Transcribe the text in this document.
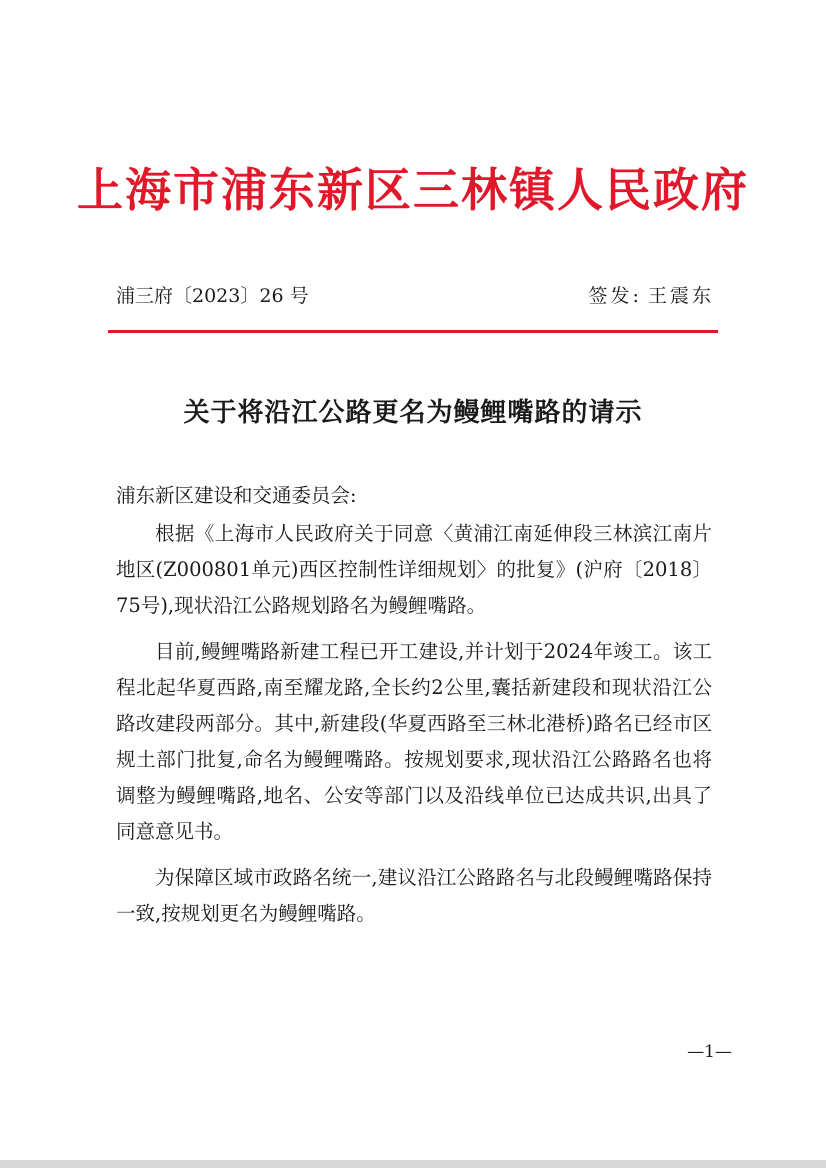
上海市浦东新区三林镇人民政府
浦三府〔2023〕26 号	签发: 王震东
关于将沿江公路更名为鳗鲤嘴路的请示

浦东新区建设和交通委员会:

根据《上海市人民政府关于同意〈黄浦江南延伸段三林滨江南片地区(Z000801单元)西区控制性详细规划〉的批复》(沪府〔2018〕75号),现状沿江公路规划路名为鳗鲤嘴路。

目前,鳗鲤嘴路新建工程已开工建设,并计划于2024年竣工。该工程北起华夏西路,南至耀龙路,全长约2公里,囊括新建段和现状沿江公路改建段两部分。其中,新建段(华夏西路至三林北港桥)路名已经市区规土部门批复,命名为鳗鲤嘴路。按规划要求,现状沿江公路路名也将调整为鳗鲤嘴路,地名、公安等部门以及沿线单位已达成共识,出具了同意意见书。

为保障区域市政路名统一,建议沿江公路路名与北段鳗鲤嘴路保持一致,按规划更名为鳗鲤嘴路。

—1—
